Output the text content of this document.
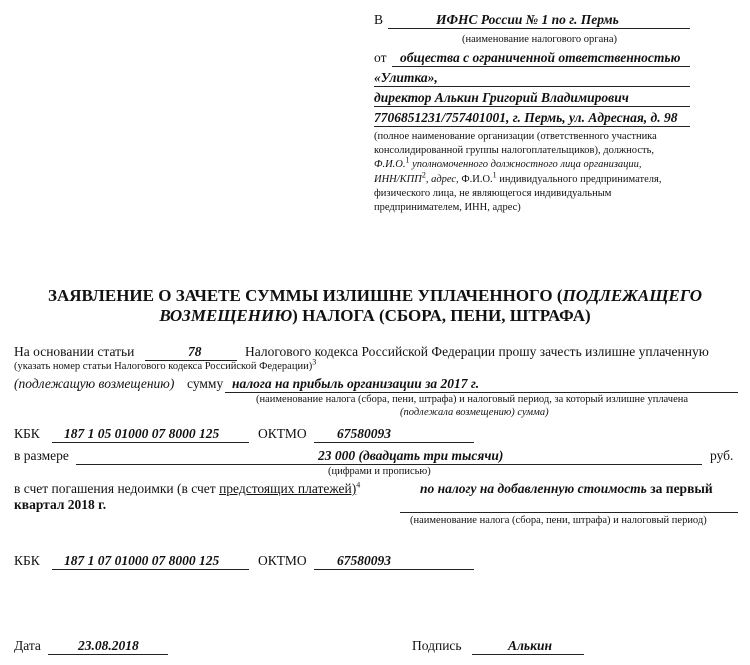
В	ИФНС России № 1 по г. Пермь
(наименование налогового органа)
от общества с ограниченной ответственностью
«Улитка»,
директор Алькин Григорий Владимирович
7706851231/757401001, г. Пермь, ул. Адресная, д. 98
(полное наименование организации (ответственного участника
консолидированной группы налогоплательщиков), должность,
Ф.И.О.$^1$ уполномоченного должностного лица организации,
ИНН/КПП$^2$, адрес, Ф.И.О.$^1$ индивидуального предпринимателя,
физического лица, не являющегося индивидуальным
предпринимателем, ИНН, адрес)
ЗАЯВЛЕНИЕ О ЗАЧЕТЕ СУММЫ ИЗЛИШНЕ УПЛАЧЕННОГО (ПОДЛЕЖАЩЕГО
ВОЗМЕЩЕНИЮ) НАЛОГА (СБОРА, ПЕНИ, ШТРАФА)
На основании статьи	78	Налогового кодекса Российской Федерации прошу зачесть излишне уплаченную
(указать номер статьи Налогового кодекса Российской Федерации)$^3$
(подлежащую возмещению) сумму налога на прибыль организации за 2017 г.
(наименование налога (сбора, пени, штрафа) и налоговый период, за который излишне уплачена
(подлежала возмещению) сумма)
КБК 187 1 05 01000 07 8000 125	ОКТМО 67580093
в размере	23 000 (двадцать три тысячи)	руб.
(цифрами и прописью)
в счет погашения недоимки (в счет предстоящих платежей)$^4$	по налогу на добавленную стоимость за первый
квартал 2018 г.
(наименование налога (сбора, пени, штрафа) и налоговый период)
КБК 187 1 07 01000 07 8000 125	ОКТМО 67580093
Дата	23.08.2018	Подпись	Алькин
